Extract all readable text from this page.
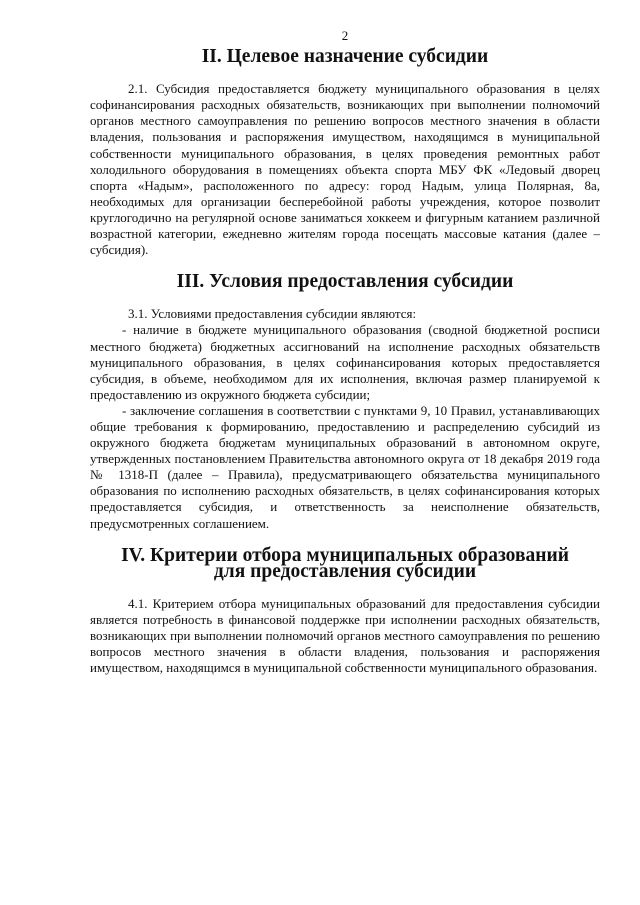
2
II. Целевое назначение субсидии

2.1. Субсидия предоставляется бюджету муниципального образования в целях софинансирования расходных обязательств, возникающих при выполнении полномочий органов местного самоуправления по решению вопросов местного значения в области владения, пользования и распоряжения имуществом, находящимся в муниципальной собственности муниципального образования, в целях проведения ремонтных работ холодильного оборудования в помещениях объекта спорта МБУ ФК «Ледовый дворец спорта «Надым», расположенного по адресу: город Надым, улица Полярная, 8а, необходимых для организации бесперебойной работы учреждения, которое позволит круглогодично на регулярной основе заниматься хоккеем и фигурным катанием различной возрастной категории, ежедневно жителям города посещать массовые катания (далее – субсидия).

III. Условия предоставления субсидии

3.1. Условиями предоставления субсидии являются:

- наличие в бюджете муниципального образования (сводной бюджетной росписи местного бюджета) бюджетных ассигнований на исполнение расходных обязательств муниципального образования, в целях софинансирования которых предоставляется субсидия, в объеме, необходимом для их исполнения, включая размер планируемой к предоставлению из окружного бюджета субсидии;

- заключение соглашения в соответствии с пунктами 9, 10 Правил, устанавливающих общие требования к формированию, предоставлению и распределению субсидий из окружного бюджета бюджетам муниципальных образований в автономном округе, утвержденных постановлением Правительства автономного округа от 18 декабря 2019 года № 1318-П (далее – Правила), предусматривающего обязательства муниципального образования по исполнению расходных обязательств, в целях софинансирования которых предоставляется субсидия, и ответственность за неисполнение обязательств, предусмотренных соглашением.

IV. Критерии отбора муниципальных образований
для предоставления субсидии

4.1. Критерием отбора муниципальных образований для предоставления субсидии является потребность в финансовой поддержке при исполнении расходных обязательств, возникающих при выполнении полномочий органов местного самоуправления по решению вопросов местного значения в области владения, пользования и распоряжения имуществом, находящимся в муниципальной собственности муниципального образования.
